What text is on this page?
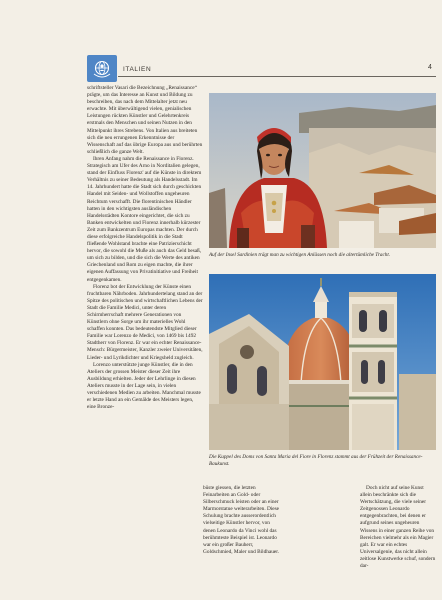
ITALIEN	4

schriftsteller Vasari die Bezeichnung „Renaissance“ prägte, um das Interesse an Kunst und Bildung zu beschreiben, das nach dem Mittelalter jetzt neu erwachte. Mit überwältigend vielen, genialischen Leistungen rückten Künstler und Gelehrtenkreis erstmals den Menschen und seinen Nutzen in den Mittelpunkt ihres Strebens. Von Italien aus breiteten sich die neu errungenen Erkenntnisse der Wissenschaft auf das übrige Europa aus und berührten schließlich die ganze Welt.

Ihren Anfang nahm die Renaissance in Florenz. Strategisch am Ufer des Arno in Norditalien gelegen, stand der Einfluss Florenz' auf die Künste in direktem Verhältnis zu seiner Bedeutung als Handelsstadt. Im 14. Jahrhundert hatte die Stadt sich durch geschickten Handel mit Seiden- und Wollstoffen ungeheuren Reichtum verschafft. Die florentinischen Händler hatten in den wichtigsten ausländischen Handelsstädten Kontore eingerichtet, die sich zu Banken entwickelten und Florenz innerhalb kürzester Zeit zum Bankzentrum Europas machten. Der durch diese erfolgreiche Handelspolitik in die Stadt fließende Wohlstand brachte eine Patrizierschicht hervor, die sowohl die Muße als auch das Geld besaß, um sich zu bilden, und die sich die Werte des antiken Griechenland und Rom zu eigen machte, die ihrer eigenen Auffassung von Privatinitiative und Freiheit entgegenkamen.

Florenz bot der Entwicklung der Künste einen fruchtbaren Nährboden. Jahrhundertelang stand an der Spitze des politischen und wirtschaftlichen Lebens der Stadt die Familie Medici, unter deren Schirmherrschaft mehrere Generationen von Künstlern ohne Sorge um ihr materielles Wohl schaffen konnten. Das bedeutendste Mitglied dieser Familie war Lorenzo de Medici, von 1469 bis 1492 Stadtherr von Florenz. Er war ein echter Renaissance-Mensch: Bürgermeister, Kanzler zweier Universitäten, Lieder- und Lyrikdichter und Kriegsheld zugleich.

Lorenzo unterstützte junge Künstler, die in den Ateliers der grossen Meister dieser Zeit ihre Ausbildung erhielten. Jeder der Lehrlinge in diesen Ateliers musste in der Lage sein, in vielen verschiedenen Medien zu arbeiten. Manchmal musste er letzte Hand an ein Gemälde des Meisters legen, eine Bronze-

Auf der Insel Sardinien trägt man zu wichtigen Anlässen noch die altertümliche Tracht.
Die Kuppel des Doms von Santa Maria del Fiore in Florenz stammt aus der Frühzeit der Renaissance-Baukunst.

büste giessen, die letzten Feinarbeiten an Gold- oder Silberschmuck leisten oder an einer Marmorstatue weiterarbeiten. Diese Schulung brachte ausserordentlich vielseitige Künstler hervor, von denen Leonardo da Vinci wohl das berühmteste Beispiel ist. Leonardo war ein großer Bauherr, Goldschmied, Maler und Bildhauer.

Doch nicht auf seine Kunst allein beschränkte sich die Wertschätzung, die viele seiner Zeitgenossen Leonardo entgegenbrachten, bei denen er aufgrund seines ungeheuren Wissens in einer ganzen Reihe von Bereichen vielmehr als ein Magier galt. Er war ein echtes Universalgenie, das nicht allein zeitlose Kunstwerke schuf, sondern dar-
